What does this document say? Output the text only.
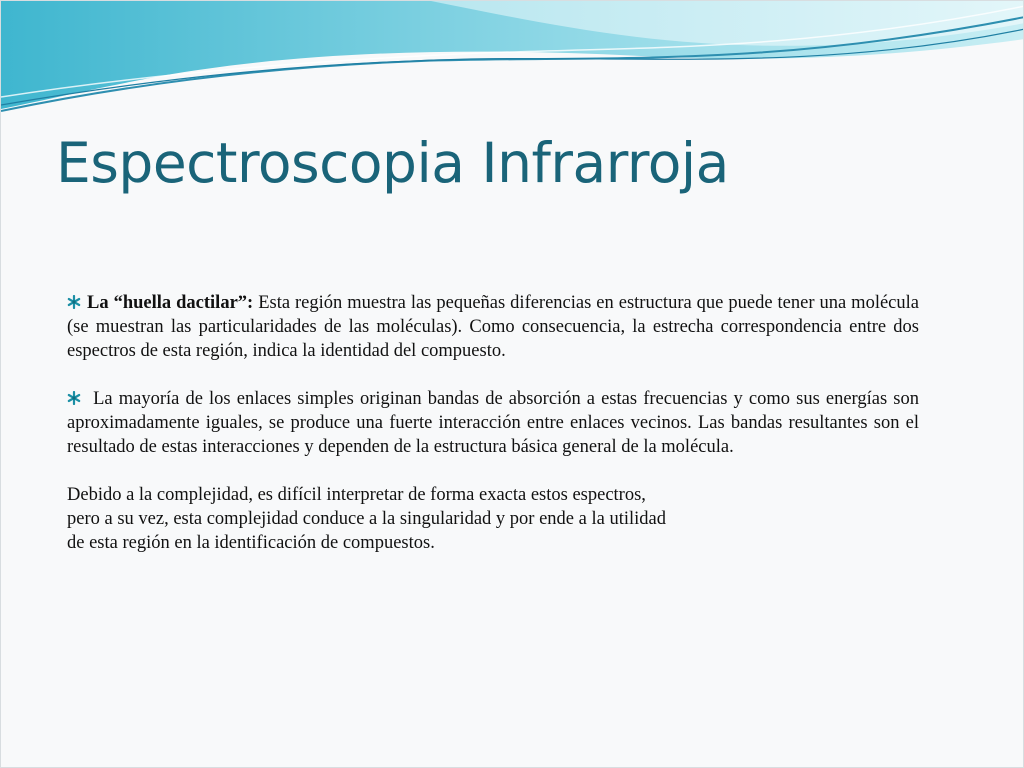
Espectroscopia Infrarroja

La “huella dactilar”: Esta región muestra las pequeñas diferencias en estructura que puede tener una molécula (se muestran las particularidades de las moléculas). Como consecuencia, la estrecha correspondencia entre dos espectros de esta región, indica la identidad del compuesto.

La mayoría de los enlaces simples originan bandas de absorción a estas frecuencias y como sus energías son aproximadamente iguales, se produce una fuerte interacción entre enlaces vecinos. Las bandas resultantes son el resultado de estas interacciones y dependen de la estructura básica general de la molécula.

Debido a la complejidad, es difícil interpretar de forma exacta estos espectros,
pero a su vez, esta complejidad conduce a la singularidad y por ende a la utilidad
de esta región en la identificación de compuestos.
